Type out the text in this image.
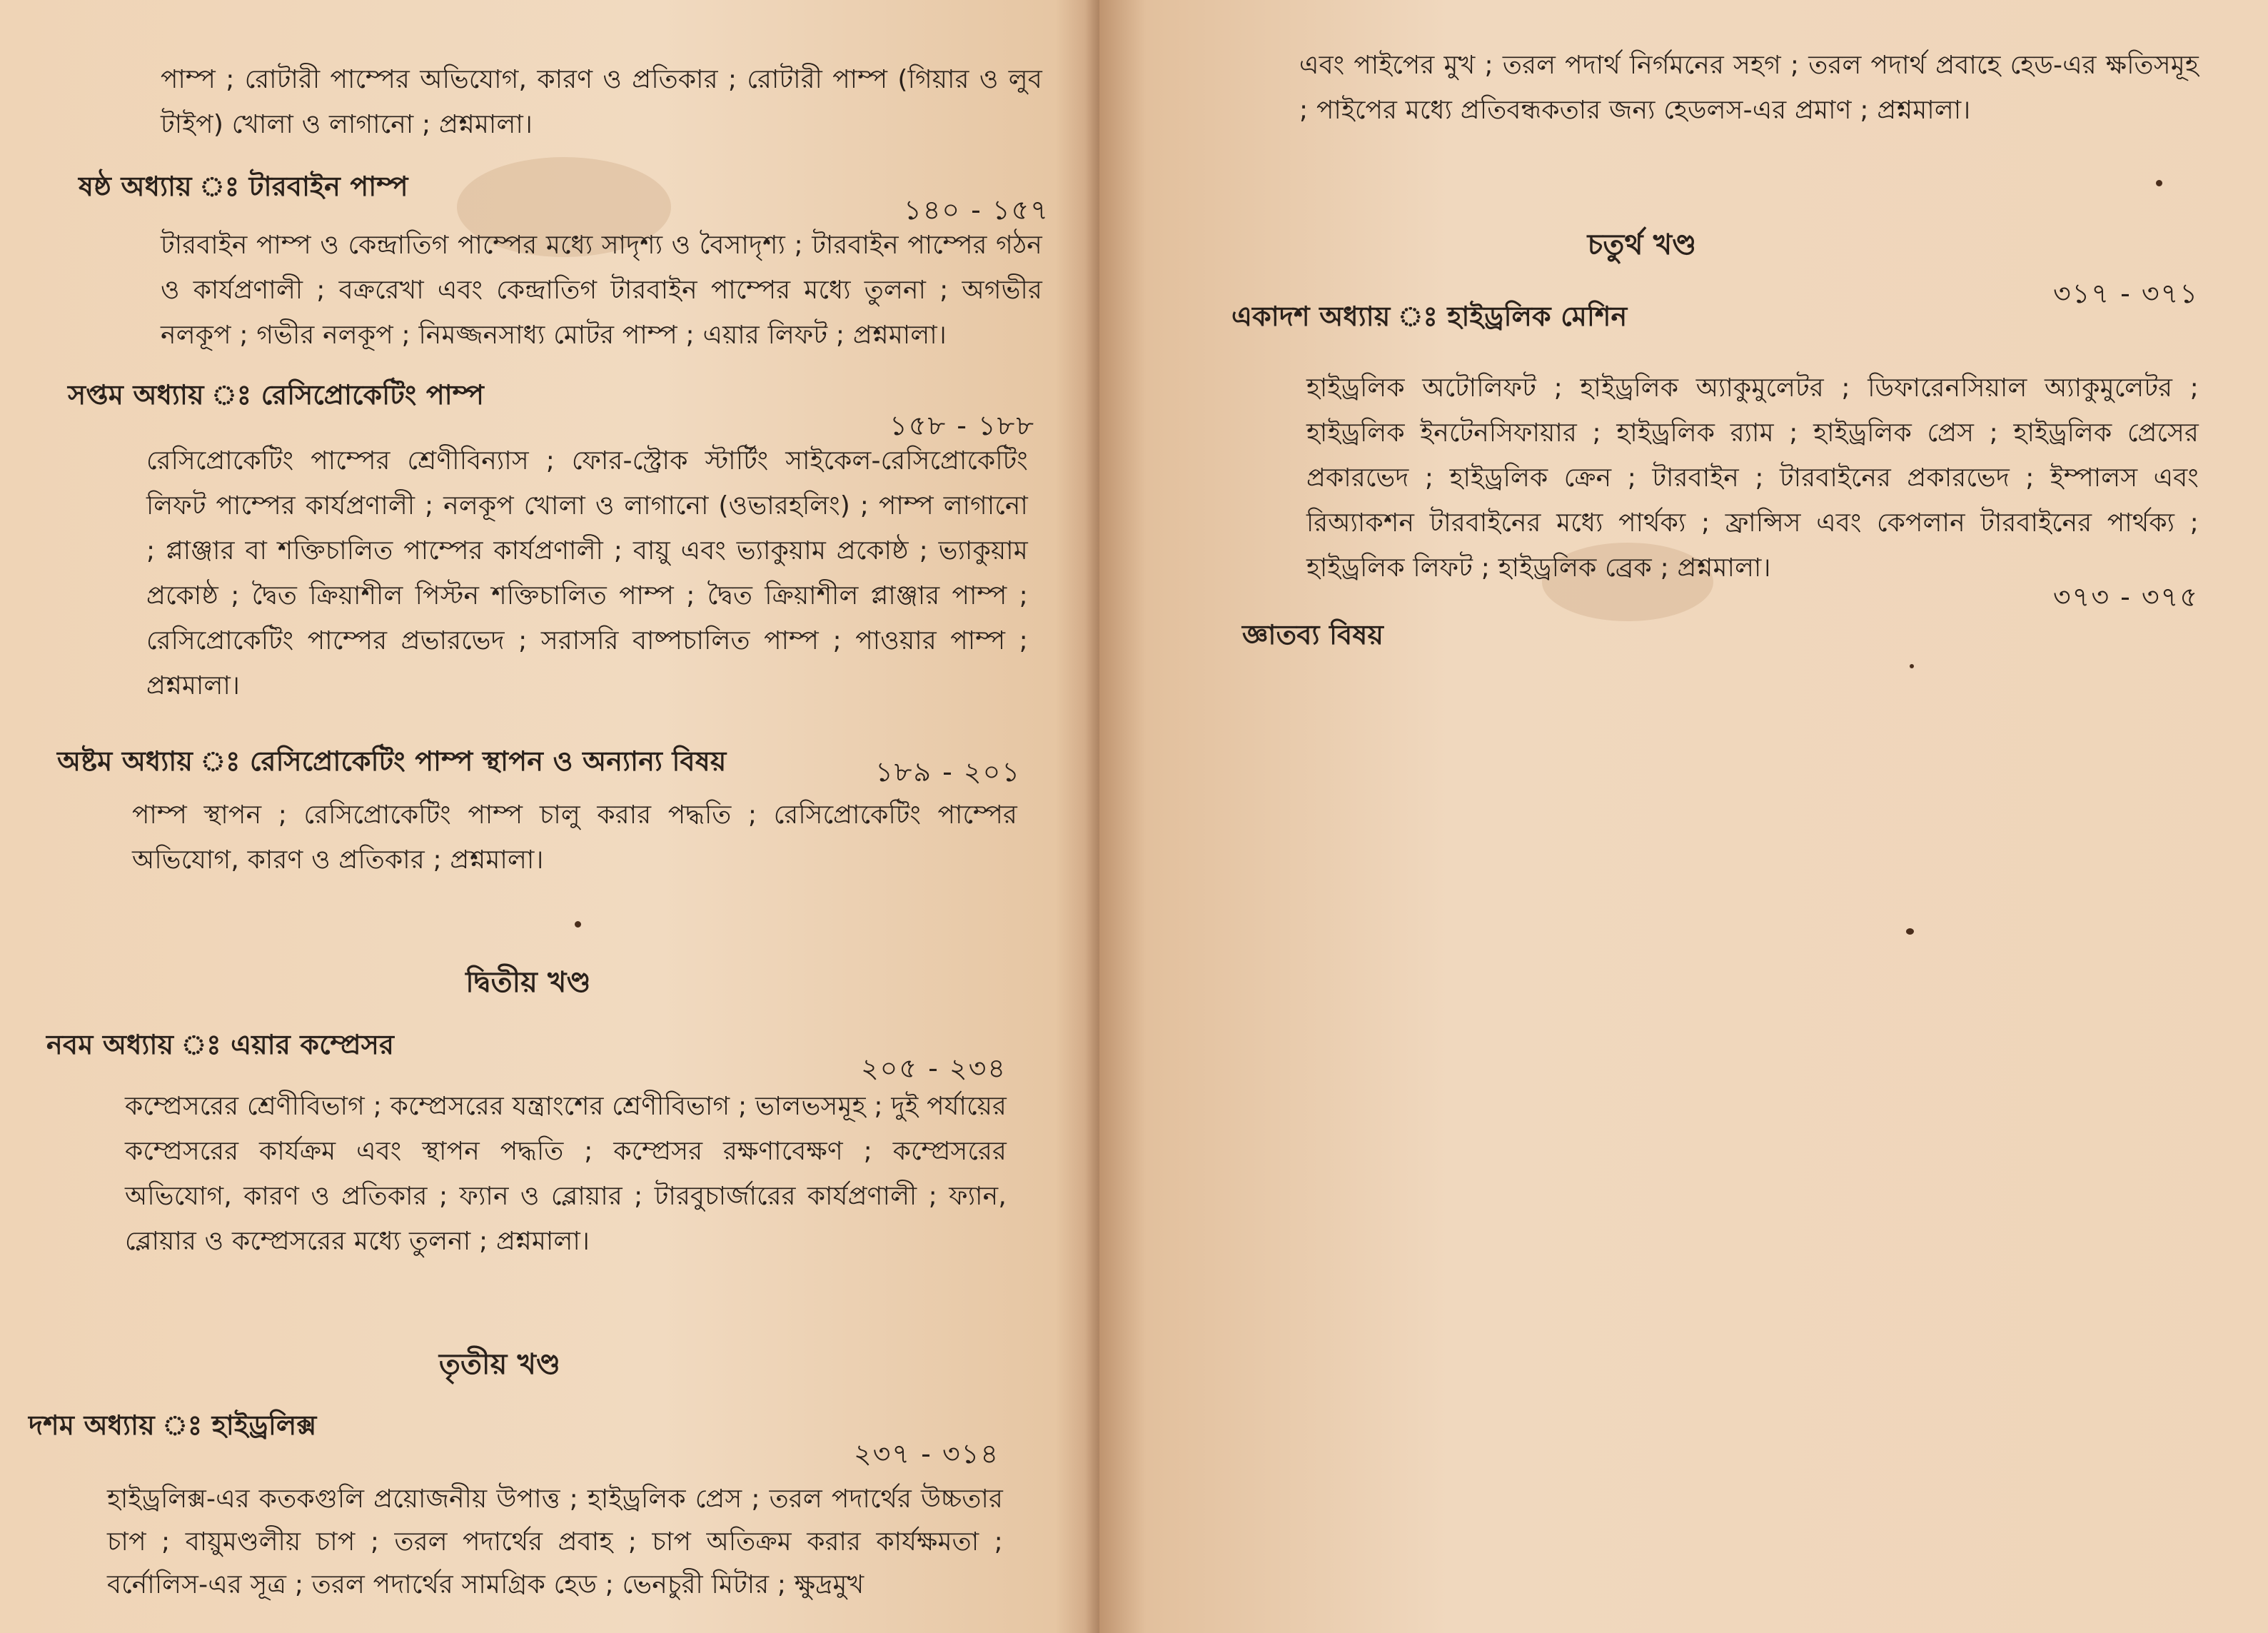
পাম্প ; রোটারী পাম্পের অভিযোগ, কারণ ও প্রতিকার ; রোটারী পাম্প (গিয়ার ও লুব টাইপ) খোলা ও লাগানো ; প্রশ্নমালা।
ষষ্ঠ অধ্যায় ঃ টারবাইন পাম্প
১৪০ - ১৫৭
টারবাইন পাম্প ও কেন্দ্রাতিগ পাম্পের মধ্যে সাদৃশ্য ও বৈসাদৃশ্য ; টারবাইন পাম্পের গঠন ও কার্যপ্রণালী ; বক্ররেখা এবং কেন্দ্রাতিগ টারবাইন পাম্পের মধ্যে তুলনা ; অগভীর নলকূপ ; গভীর নলকূপ ; নিমজ্জনসাধ্য মোটর পাম্প ; এয়ার লিফট ; প্রশ্নমালা।
সপ্তম অধ্যায় ঃ রেসিপ্রোকেটিং পাম্প
১৫৮ - ১৮৮
রেসিপ্রোকেটিং পাম্পের শ্রেণীবিন্যাস ; ফোর-স্ট্রোক স্টার্টিং সাইকেল-রেসিপ্রোকেটিং লিফট পাম্পের কার্যপ্রণালী ; নলকূপ খোলা ও লাগানো (ওভারহলিং) ; পাম্প লাগানো ; প্লাঞ্জার বা শক্তিচালিত পাম্পের কার্যপ্রণালী ; বায়ু এবং ভ্যাকুয়াম প্রকোষ্ঠ ; ভ্যাকুয়াম প্রকোষ্ঠ ; দ্বৈত ক্রিয়াশীল পিস্টন শক্তিচালিত পাম্প ; দ্বৈত ক্রিয়াশীল প্লাঞ্জার পাম্প ; রেসিপ্রোকেটিং পাম্পের প্রভারভেদ ; সরাসরি বাষ্পচালিত পাম্প ; পাওয়ার পাম্প ; প্রশ্নমালা।
অষ্টম অধ্যায় ঃ রেসিপ্রোকেটিং পাম্প স্থাপন ও অন্যান্য বিষয়	১৮৯ - ২০১
পাম্প স্থাপন ; রেসিপ্রোকেটিং পাম্প চালু করার পদ্ধতি ; রেসিপ্রোকেটিং পাম্পের অভিযোগ, কারণ ও প্রতিকার ; প্রশ্নমালা।
দ্বিতীয় খণ্ড
নবম অধ্যায় ঃ এয়ার কম্প্রেসর
২০৫ - ২৩৪
কম্প্রেসরের শ্রেণীবিভাগ ; কম্প্রেসরের যন্ত্রাংশের শ্রেণীবিভাগ ; ভালভসমূহ ; দুই পর্যায়ের কম্প্রেসরের কার্যক্রম এবং স্থাপন পদ্ধতি ; কম্প্রেসর রক্ষণাবেক্ষণ ; কম্প্রেসরের অভিযোগ, কারণ ও প্রতিকার ; ফ্যান ও ব্লোয়ার ; টারবুচার্জারের কার্যপ্রণালী ; ফ্যান, ব্লোয়ার ও কম্প্রেসরের মধ্যে তুলনা ; প্রশ্নমালা।
তৃতীয় খণ্ড
দশম অধ্যায় ঃ হাইড্রলিক্স
২৩৭ - ৩১৪
হাইড্রলিক্স-এর কতকগুলি প্রয়োজনীয় উপাত্ত ; হাইড্রলিক প্রেস ; তরল পদার্থের উচ্চতার চাপ ; বায়ুমণ্ডলীয় চাপ ; তরল পদার্থের প্রবাহ ; চাপ অতিক্রম করার কার্যক্ষমতা ; বর্নোলিস-এর সূত্র ; তরল পদার্থের সামগ্রিক হেড ; ভেনচুরী মিটার ; ক্ষুদ্রমুখ
এবং পাইপের মুখ ; তরল পদার্থ নির্গমনের সহগ ; তরল পদার্থ প্রবাহে হেড-এর ক্ষতিসমূহ ; পাইপের মধ্যে প্রতিবন্ধকতার জন্য হেডলস-এর প্রমাণ ; প্রশ্নমালা।
চতুর্থ খণ্ড
একাদশ অধ্যায় ঃ হাইড্রলিক মেশিন
৩১৭ - ৩৭১
হাইড্রলিক অটোলিফট ; হাইড্রলিক অ্যাকুমুলেটর ; ডিফারেনসিয়াল অ্যাকুমুলেটর ; হাইড্রলিক ইনটেনসিফায়ার ; হাইড্রলিক র‍্যাম ; হাইড্রলিক প্রেস ; হাইড্রলিক প্রেসের প্রকারভেদ ; হাইড্রলিক ক্রেন ; টারবাইন ; টারবাইনের প্রকারভেদ ; ইম্পালস এবং রিঅ্যাকশন টারবাইনের মধ্যে পার্থক্য ; ফ্রান্সিস এবং কেপলান টারবাইনের পার্থক্য ; হাইড্রলিক লিফট ; হাইড্রলিক ব্রেক ; প্রশ্নমালা।
৩৭৩ - ৩৭৫
জ্ঞাতব্য বিষয়
